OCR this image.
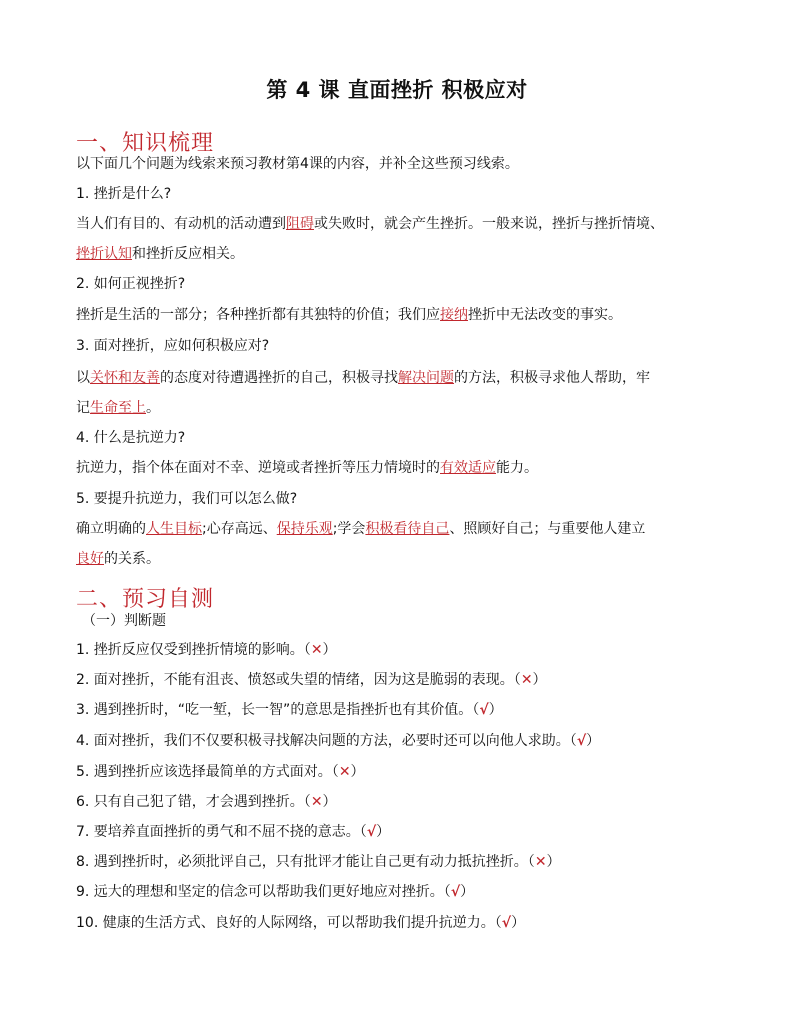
第 4 课 直面挫折 积极应对
一、知识梳理
以下面几个问题为线索来预习教材第4课的内容，并补全这些预习线索。
1. 挫折是什么?
当人们有目的、有动机的活动遭到阻碍或失败时，就会产生挫折。一般来说，挫折与挫折情境、
挫折认知和挫折反应相关。
2. 如何正视挫折?
挫折是生活的一部分；各种挫折都有其独特的价值；我们应接纳挫折中无法改变的事实。
3. 面对挫折，应如何积极应对?
以关怀和友善的态度对待遭遇挫折的自己，积极寻找解决问题的方法，积极寻求他人帮助，牢
记生命至上。
4. 什么是抗逆力?
抗逆力，指个体在面对不幸、逆境或者挫折等压力情境时的有效适应能力。
5. 要提升抗逆力，我们可以怎么做?
确立明确的人生目标;心存高远、保持乐观;学会积极看待自己、照顾好自己；与重要他人建立
良好的关系。
二、预习自测
（一）判断题
1. 挫折反应仅受到挫折情境的影响。（✕）
2. 面对挫折，不能有沮丧、愤怒或失望的情绪，因为这是脆弱的表现。（✕）
3. 遇到挫折时，“吃一堑，长一智”的意思是指挫折也有其价值。（√）
4. 面对挫折，我们不仅要积极寻找解决问题的方法，必要时还可以向他人求助。（√）
5. 遇到挫折应该选择最简单的方式面对。（✕）
6. 只有自己犯了错，才会遇到挫折。（✕）
7. 要培养直面挫折的勇气和不屈不挠的意志。（√）
8. 遇到挫折时，必须批评自己，只有批评才能让自己更有动力抵抗挫折。（✕）
9. 远大的理想和坚定的信念可以帮助我们更好地应对挫折。（√）
10. 健康的生活方式、良好的人际网络，可以帮助我们提升抗逆力。（√）
